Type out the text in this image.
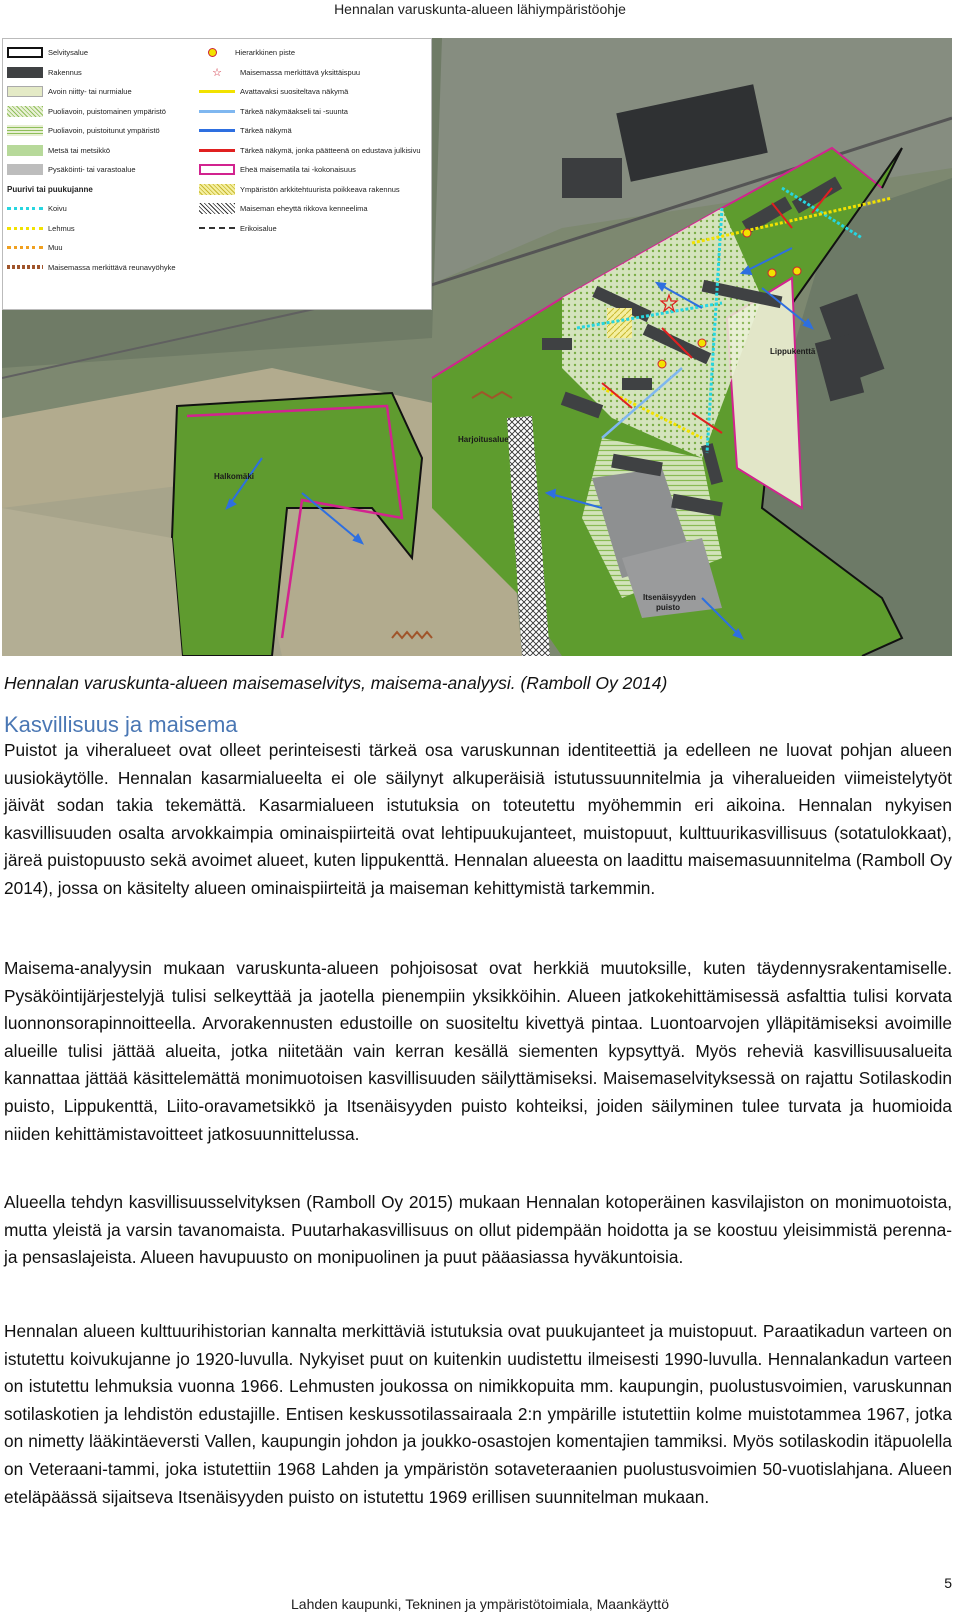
Hennalan varuskunta-alueen lähiympäristöohje
Halkomäki
Harjoitusalue
Lippukenttä
Itsenäisyyden
puisto
Selvitysalue
Rakennus
Avoin niitty- tai nurmialue
Puoliavoin, puistomainen ympäristö
Puoliavoin, puistoitunut ympäristö
Metsä tai metsikkö
Pysäköinti- tai varastoalue
Puurivi tai puukujanne
Koivu
Lehmus
Muu
Maisemassa merkittävä reunavyöhyke
Hierarkkinen piste
☆	Maisemassa merkittävä yksittäispuu
Avattavaksi suositeltava näkymä
Tärkeä näkymäakseli tai -suunta
Tärkeä näkymä
Tärkeä näkymä, jonka päätteenä on edustava julkisivu
Eheä maisematila tai -kokonaisuus
Ympäristön arkkitehtuurista poikkeava rakennus
Maiseman eheyttä rikkova kenneelima
Erikoisalue
Hennalan varuskunta-alueen maisemaselvitys, maisema-analyysi. (Ramboll Oy 2014)
Kasvillisuus ja maisema

Puistot ja viheralueet ovat olleet perinteisesti tärkeä osa varuskunnan identiteettiä ja edelleen ne luovat pohjan alueen uusiokäytölle. Hennalan kasarmialueelta ei ole säilynyt alkuperäisiä istutussuunnitelmia ja viheralueiden viimeistelytyöt jäivät sodan takia tekemättä. Kasarmialueen istutuksia on toteutettu myöhemmin eri aikoina. Hennalan nykyisen kasvillisuuden osalta arvokkaimpia ominaispiirteitä ovat lehtipuukujanteet, muistopuut, kulttuurikasvillisuus (sotatulokkaat), järeä puistopuusto sekä avoimet alueet, kuten lippukenttä. Hennalan alueesta on laadittu maisemasuunnitelma (Ramboll Oy 2014), jossa on käsitelty alueen ominaispiirteitä ja maiseman kehittymistä tarkemmin.

Maisema-analyysin mukaan varuskunta-alueen pohjoisosat ovat herkkiä muutoksille, kuten täydennysrakentamiselle. Pysäköintijärjestelyjä tulisi selkeyttää ja jaotella pienempiin yksikköihin. Alueen jatkokehittämisessä asfalttia tulisi korvata luonnonsorapinnoitteella. Arvorakennusten edustoille on suositeltu kivettyä pintaa. Luontoarvojen ylläpitämiseksi avoimille alueille tulisi jättää alueita, jotka niitetään vain kerran kesällä siementen kypsyttyä. Myös reheviä kasvillisuusalueita kannattaa jättää käsittelemättä monimuotoisen kasvillisuuden säilyttämiseksi. Maisemaselvityksessä on rajattu Sotilaskodin puisto, Lippukenttä, Liito-oravametsikkö ja Itsenäisyyden puisto kohteiksi, joiden säilyminen tulee turvata ja huomioida niiden kehittämistavoitteet jatkosuunnittelussa.

Alueella tehdyn kasvillisuusselvityksen (Ramboll Oy 2015) mukaan Hennalan kotoperäinen kasvilajiston on monimuotoista, mutta yleistä ja varsin tavanomaista. Puutarhakasvillisuus on ollut pidempään hoidotta ja se koostuu yleisimmistä perenna- ja pensaslajeista. Alueen havupuusto on monipuolinen ja puut pääasiassa hyväkuntoisia.

Hennalan alueen kulttuurihistorian kannalta merkittäviä istutuksia ovat puukujanteet ja muistopuut. Paraatikadun varteen on istutettu koivukujanne jo 1920-luvulla. Nykyiset puut on kuitenkin uudistettu ilmeisesti 1990-luvulla. Hennalankadun varteen on istutettu lehmuksia vuonna 1966. Lehmusten joukossa on nimikkopuita mm. kaupungin, puolustusvoimien, varuskunnan sotilaskotien ja lehdistön edustajille. Entisen keskussotilassairaala 2:n ympärille istutettiin kolme muistotammea 1967, jotka on nimetty lääkintäeversti Vallen, kaupungin johdon ja joukko-osastojen komentajien tammiksi. Myös sotilaskodin itäpuolella on Veteraani-tammi, joka istutettiin 1968 Lahden ja ympäristön sotaveteraanien puolustusvoimien 50-vuotislahjana. Alueen eteläpäässä sijaitseva Itsenäisyyden puisto on istutettu 1969 erillisen suunnitelman mukaan.

5
Lahden kaupunki, Tekninen ja ympäristötoimiala, Maankäyttö
